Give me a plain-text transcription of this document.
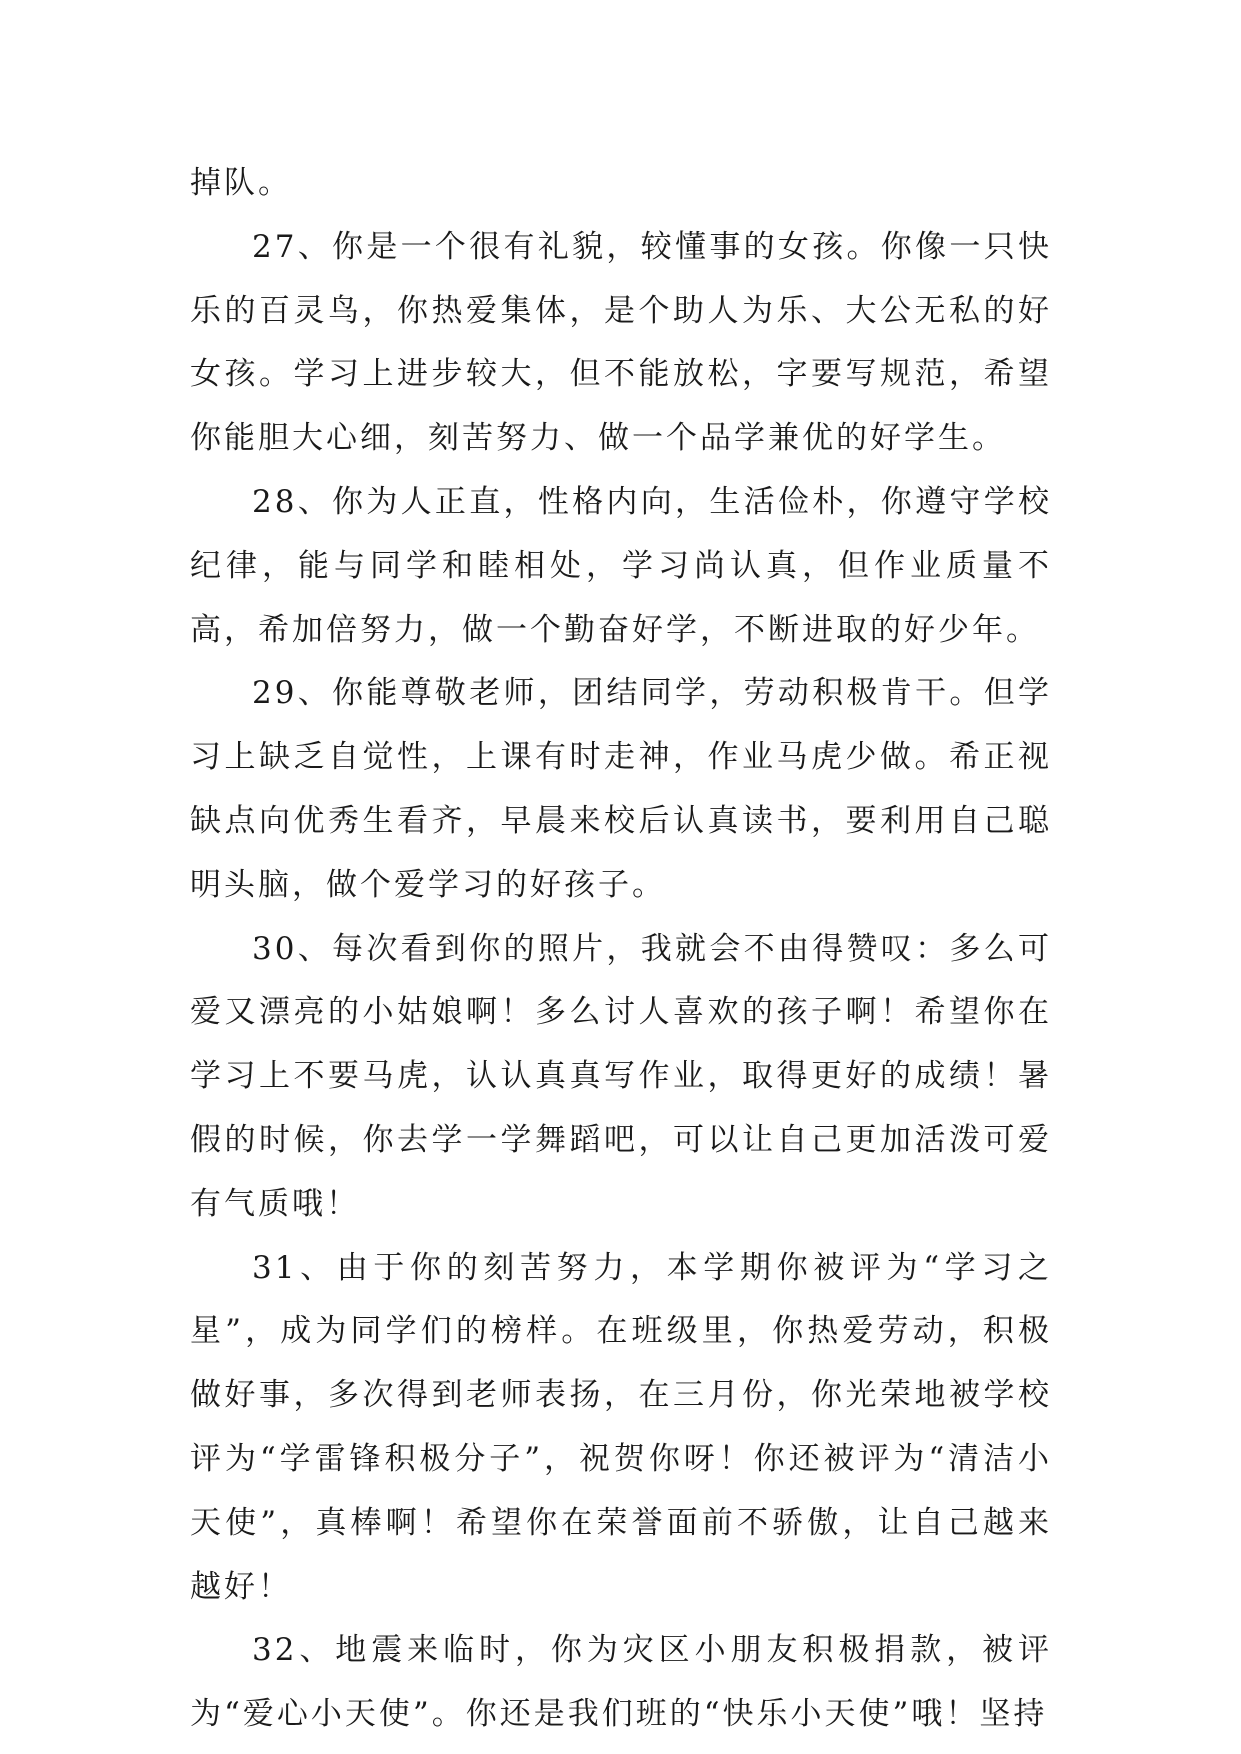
掉队。

27、你是一个很有礼貌，较懂事的女孩。你像一只快乐的百灵鸟，你热爱集体，是个助人为乐、大公无私的好女孩。学习上进步较大，但不能放松，字要写规范，希望你能胆大心细，刻苦努力、做一个品学兼优的好学生。

28、你为人正直，性格内向，生活俭朴，你遵守学校纪律，能与同学和睦相处，学习尚认真，但作业质量不高，希加倍努力，做一个勤奋好学，不断进取的好少年。

29、你能尊敬老师，团结同学，劳动积极肯干。但学习上缺乏自觉性，上课有时走神，作业马虎少做。希正视缺点向优秀生看齐，早晨来校后认真读书，要利用自己聪明头脑，做个爱学习的好孩子。

30、每次看到你的照片，我就会不由得赞叹：多么可爱又漂亮的小姑娘啊！多么讨人喜欢的孩子啊！希望你在学习上不要马虎，认认真真写作业，取得更好的成绩！暑假的时候，你去学一学舞蹈吧，可以让自己更加活泼可爱有气质哦！

31、由于你的刻苦努力，本学期你被评为“学习之星”，成为同学们的榜样。在班级里，你热爱劳动，积极做好事，多次得到老师表扬，在三月份，你光荣地被学校评为“学雷锋积极分子”，祝贺你呀！你还被评为“清洁小天使”，真棒啊！希望你在荣誉面前不骄傲，让自己越来越好！

32、地震来临时，你为灾区小朋友积极捐款，被评为“爱心小天使”。你还是我们班的“快乐小天使”哦！坚持
